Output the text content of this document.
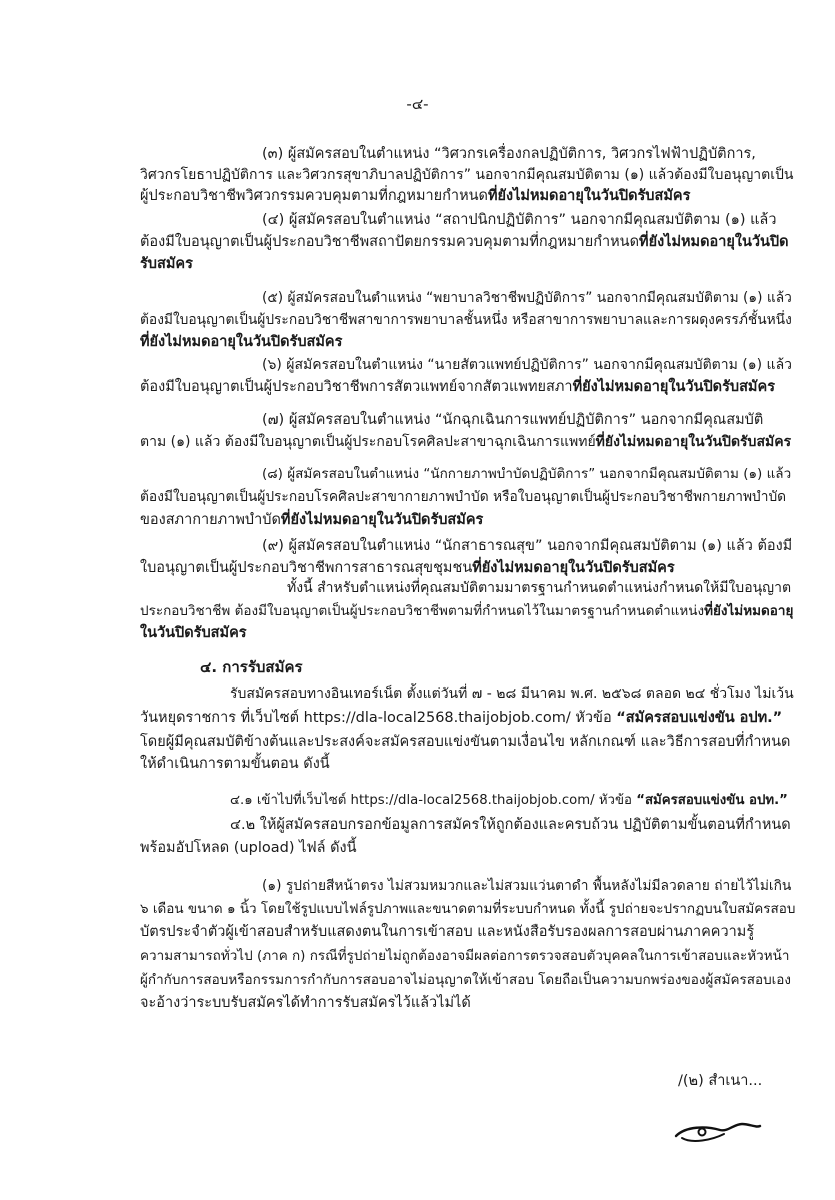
-๔-
(๓) ผู้สมัครสอบในตำแหน่ง “วิศวกรเครื่องกลปฏิบัติการ, วิศวกรไฟฟ้าปฏิบัติการ,
วิศวกรโยธาปฏิบัติการ และวิศวกรสุขาภิบาลปฏิบัติการ” นอกจากมีคุณสมบัติตาม (๑) แล้วต้องมีใบอนุญาตเป็น
ผู้ประกอบวิชาชีพวิศวกรรมควบคุมตามที่กฎหมายกำหนดที่ยังไม่หมดอายุในวันปิดรับสมัคร
(๔) ผู้สมัครสอบในตำแหน่ง “สถาปนิกปฏิบัติการ” นอกจากมีคุณสมบัติตาม (๑) แล้ว
ต้องมีใบอนุญาตเป็นผู้ประกอบวิชาชีพสถาปัตยกรรมควบคุมตามที่กฎหมายกำหนดที่ยังไม่หมดอายุในวันปิด
รับสมัคร
(๕) ผู้สมัครสอบในตำแหน่ง “พยาบาลวิชาชีพปฏิบัติการ” นอกจากมีคุณสมบัติตาม (๑) แล้ว
ต้องมีใบอนุญาตเป็นผู้ประกอบวิชาชีพสาขาการพยาบาลชั้นหนึ่ง หรือสาขาการพยาบาลและการผดุงครรภ์ชั้นหนึ่ง
ที่ยังไม่หมดอายุในวันปิดรับสมัคร
(๖) ผู้สมัครสอบในตำแหน่ง “นายสัตวแพทย์ปฏิบัติการ” นอกจากมีคุณสมบัติตาม (๑) แล้ว
ต้องมีใบอนุญาตเป็นผู้ประกอบวิชาชีพการสัตวแพทย์จากสัตวแพทยสภาที่ยังไม่หมดอายุในวันปิดรับสมัคร
(๗) ผู้สมัครสอบในตำแหน่ง “นักฉุกเฉินการแพทย์ปฏิบัติการ” นอกจากมีคุณสมบัติ
ตาม (๑) แล้ว ต้องมีใบอนุญาตเป็นผู้ประกอบโรคศิลปะสาขาฉุกเฉินการแพทย์ที่ยังไม่หมดอายุในวันปิดรับสมัคร
(๘) ผู้สมัครสอบในตำแหน่ง “นักกายภาพบำบัดปฏิบัติการ” นอกจากมีคุณสมบัติตาม (๑) แล้ว
ต้องมีใบอนุญาตเป็นผู้ประกอบโรคศิลปะสาขากายภาพบำบัด หรือใบอนุญาตเป็นผู้ประกอบวิชาชีพกายภาพบำบัด
ของสภากายภาพบำบัดที่ยังไม่หมดอายุในวันปิดรับสมัคร
(๙) ผู้สมัครสอบในตำแหน่ง “นักสาธารณสุข” นอกจากมีคุณสมบัติตาม (๑) แล้ว ต้องมี
ใบอนุญาตเป็นผู้ประกอบวิชาชีพการสาธารณสุขชุมชนที่ยังไม่หมดอายุในวันปิดรับสมัคร
ทั้งนี้ สำหรับตำแหน่งที่คุณสมบัติตามมาตรฐานกำหนดตำแหน่งกำหนดให้มีใบอนุญาต
ประกอบวิชาชีพ ต้องมีใบอนุญาตเป็นผู้ประกอบวิชาชีพตามที่กำหนดไว้ในมาตรฐานกำหนดตำแหน่งที่ยังไม่หมดอายุ
ในวันปิดรับสมัคร
๔. การรับสมัคร
รับสมัครสอบทางอินเทอร์เน็ต ตั้งแต่วันที่ ๗ - ๒๘ มีนาคม พ.ศ. ๒๕๖๘ ตลอด ๒๔ ชั่วโมง ไม่เว้น
วันหยุดราชการ ที่เว็บไซต์ https://dla-local2568.thaijobjob.com/ หัวข้อ “สมัครสอบแข่งขัน อปท.”
โดยผู้มีคุณสมบัติข้างต้นและประสงค์จะสมัครสอบแข่งขันตามเงื่อนไข หลักเกณฑ์ และวิธีการสอบที่กำหนด
ให้ดำเนินการตามขั้นตอน ดังนี้
๔.๑ เข้าไปที่เว็บไซต์ https://dla-local2568.thaijobjob.com/ หัวข้อ “สมัครสอบแข่งขัน อปท.”
๔.๒ ให้ผู้สมัครสอบกรอกข้อมูลการสมัครให้ถูกต้องและครบถ้วน ปฏิบัติตามขั้นตอนที่กำหนด
พร้อมอัปโหลด (upload) ไฟล์ ดังนี้
(๑) รูปถ่ายสีหน้าตรง ไม่สวมหมวกและไม่สวมแว่นตาดำ พื้นหลังไม่มีลวดลาย ถ่ายไว้ไม่เกิน
๖ เดือน ขนาด ๑ นิ้ว โดยใช้รูปแบบไฟล์รูปภาพและขนาดตามที่ระบบกำหนด ทั้งนี้ รูปถ่ายจะปรากฏบนใบสมัครสอบ
บัตรประจำตัวผู้เข้าสอบสำหรับแสดงตนในการเข้าสอบ และหนังสือรับรองผลการสอบผ่านภาคความรู้
ความสามารถทั่วไป (ภาค ก) กรณีที่รูปถ่ายไม่ถูกต้องอาจมีผลต่อการตรวจสอบตัวบุคคลในการเข้าสอบและหัวหน้า
ผู้กำกับการสอบหรือกรรมการกำกับการสอบอาจไม่อนุญาตให้เข้าสอบ โดยถือเป็นความบกพร่องของผู้สมัครสอบเอง
จะอ้างว่าระบบรับสมัครได้ทำการรับสมัครไว้แล้วไม่ได้
/(๒) สำเนา...
